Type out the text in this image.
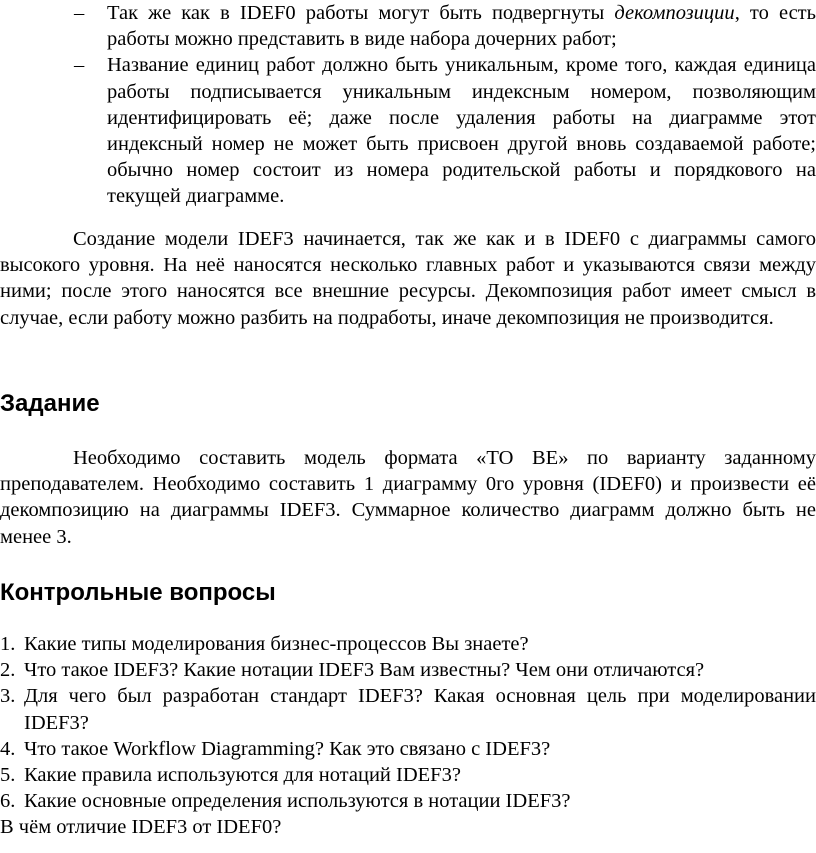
– Так же как в IDEF0 работы могут быть подвергнуты декомпозиции, то есть работы можно представить в виде набора дочерних работ;
– Название единиц работ должно быть уникальным, кроме того, каждая единица работы подписывается уникальным индексным номером, позволяющим идентифицировать её; даже после удаления работы на диаграмме этот индексный номер не может быть присвоен другой вновь создаваемой работе; обычно номер состоит из номера родительской работы и порядкового на текущей диаграмме.

Создание модели IDEF3 начинается, так же как и в IDEF0 с диаграммы самого высокого уровня. На неё наносятся несколько главных работ и указываются связи между ними; после этого наносятся все внешние ресурсы. Декомпозиция работ имеет смысл в случае, если работу можно разбить на подработы, иначе декомпозиция не производится.

Задание

Необходимо составить модель формата «TO BE» по варианту заданному преподавателем. Необходимо составить 1 диаграмму 0го уровня (IDEF0) и произвести её декомпозицию на диаграммы IDEF3. Суммарное количество диаграмм должно быть не менее 3.

Контрольные вопросы
1. Какие типы моделирования бизнес-процессов Вы знаете?
2. Что такое IDEF3? Какие нотации IDEF3 Вам известны? Чем они отличаются?
3. Для чего был разработан стандарт IDEF3? Какая основная цель при моделировании IDEF3?
4. Что такое Workflow Diagramming? Как это связано с IDEF3?
5. Какие правила используются для нотаций IDEF3?
6. Какие основные определения используются в нотации IDEF3?
В чём отличие IDEF3 от IDEF0?
